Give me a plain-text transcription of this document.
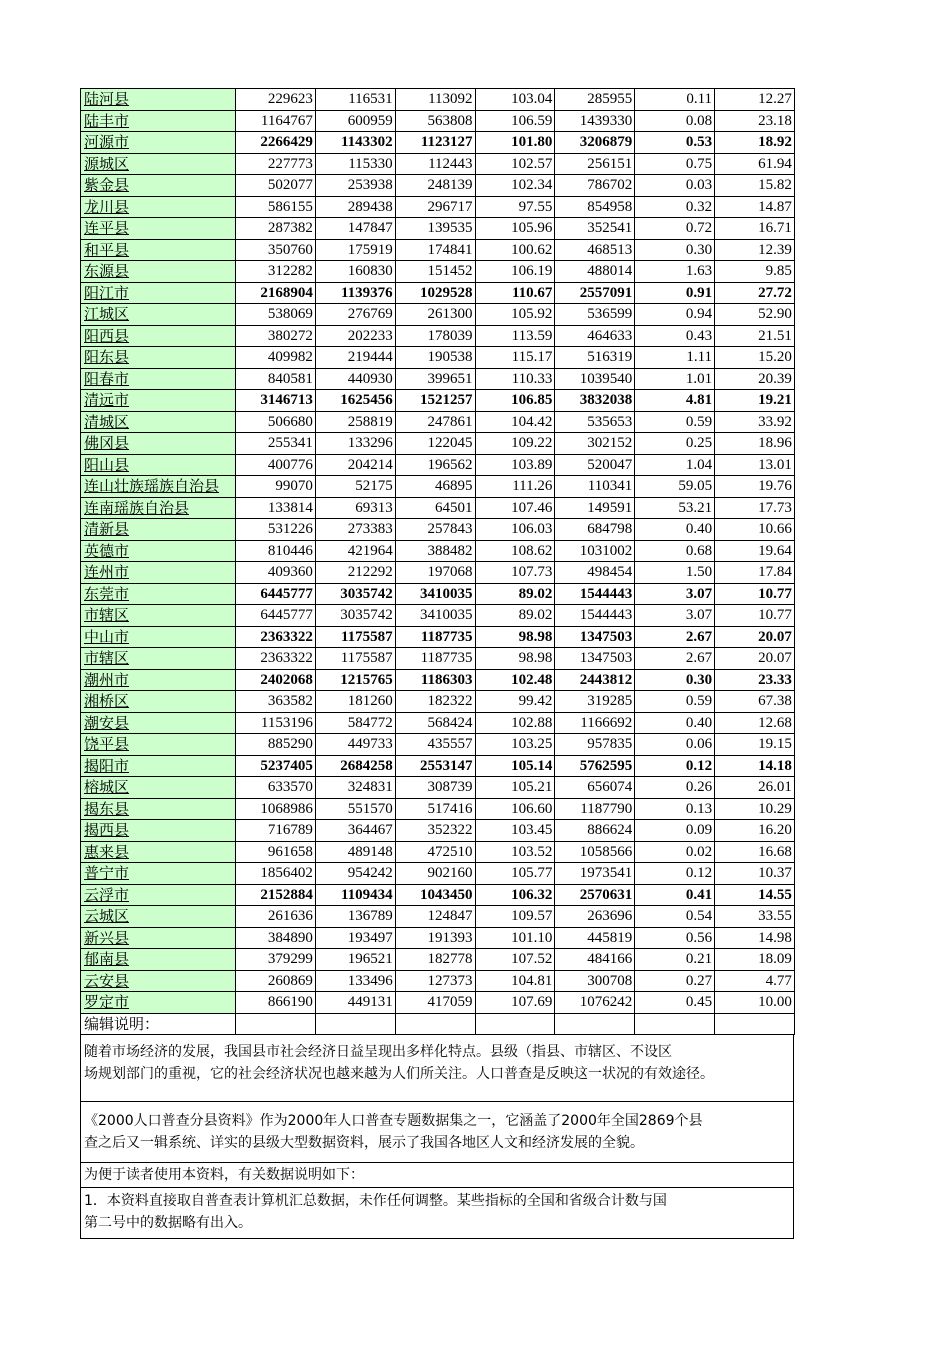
陆河县	229623	116531	113092	103.04	285955	0.11	12.27
陆丰市	1164767	600959	563808	106.59	1439330	0.08	23.18
河源市	2266429	1143302	1123127	101.80	3206879	0.53	18.92
源城区	227773	115330	112443	102.57	256151	0.75	61.94
紫金县	502077	253938	248139	102.34	786702	0.03	15.82
龙川县	586155	289438	296717	97.55	854958	0.32	14.87
连平县	287382	147847	139535	105.96	352541	0.72	16.71
和平县	350760	175919	174841	100.62	468513	0.30	12.39
东源县	312282	160830	151452	106.19	488014	1.63	9.85
阳江市	2168904	1139376	1029528	110.67	2557091	0.91	27.72
江城区	538069	276769	261300	105.92	536599	0.94	52.90
阳西县	380272	202233	178039	113.59	464633	0.43	21.51
阳东县	409982	219444	190538	115.17	516319	1.11	15.20
阳春市	840581	440930	399651	110.33	1039540	1.01	20.39
清远市	3146713	1625456	1521257	106.85	3832038	4.81	19.21
清城区	506680	258819	247861	104.42	535653	0.59	33.92
佛冈县	255341	133296	122045	109.22	302152	0.25	18.96
阳山县	400776	204214	196562	103.89	520047	1.04	13.01
连山壮族瑶族自治县	99070	52175	46895	111.26	110341	59.05	19.76
连南瑶族自治县	133814	69313	64501	107.46	149591	53.21	17.73
清新县	531226	273383	257843	106.03	684798	0.40	10.66
英德市	810446	421964	388482	108.62	1031002	0.68	19.64
连州市	409360	212292	197068	107.73	498454	1.50	17.84
东莞市	6445777	3035742	3410035	89.02	1544443	3.07	10.77
市辖区	6445777	3035742	3410035	89.02	1544443	3.07	10.77
中山市	2363322	1175587	1187735	98.98	1347503	2.67	20.07
市辖区	2363322	1175587	1187735	98.98	1347503	2.67	20.07
潮州市	2402068	1215765	1186303	102.48	2443812	0.30	23.33
湘桥区	363582	181260	182322	99.42	319285	0.59	67.38
潮安县	1153196	584772	568424	102.88	1166692	0.40	12.68
饶平县	885290	449733	435557	103.25	957835	0.06	19.15
揭阳市	5237405	2684258	2553147	105.14	5762595	0.12	14.18
榕城区	633570	324831	308739	105.21	656074	0.26	26.01
揭东县	1068986	551570	517416	106.60	1187790	0.13	10.29
揭西县	716789	364467	352322	103.45	886624	0.09	16.20
惠来县	961658	489148	472510	103.52	1058566	0.02	16.68
普宁市	1856402	954242	902160	105.77	1973541	0.12	10.37
云浮市	2152884	1109434	1043450	106.32	2570631	0.41	14.55
云城区	261636	136789	124847	109.57	263696	0.54	33.55
新兴县	384890	193497	191393	101.10	445819	0.56	14.98
郁南县	379299	196521	182778	107.52	484166	0.21	18.09
云安县	260869	133496	127373	104.81	300708	0.27	4.77
罗定市	866190	449131	417059	107.69	1076242	0.45	10.00
编辑说明：							
随着市场经济的发展，我国县市社会经济日益呈现出多样化特点。县级（指县、市辖区、不设区
场规划部门的重视，它的社会经济状况也越来越为人们所关注。人口普查是反映这一状况的有效途径。
《2000人口普查分县资料》作为2000年人口普查专题数据集之一，它涵盖了2000年全国2869个县
查之后又一辑系统、详实的县级大型数据资料，展示了我国各地区人文和经济发展的全貌。
为便于读者使用本资料，有关数据说明如下：
1．本资料直接取自普查表计算机汇总数据，未作任何调整。某些指标的全国和省级合计数与国
第二号中的数据略有出入。
